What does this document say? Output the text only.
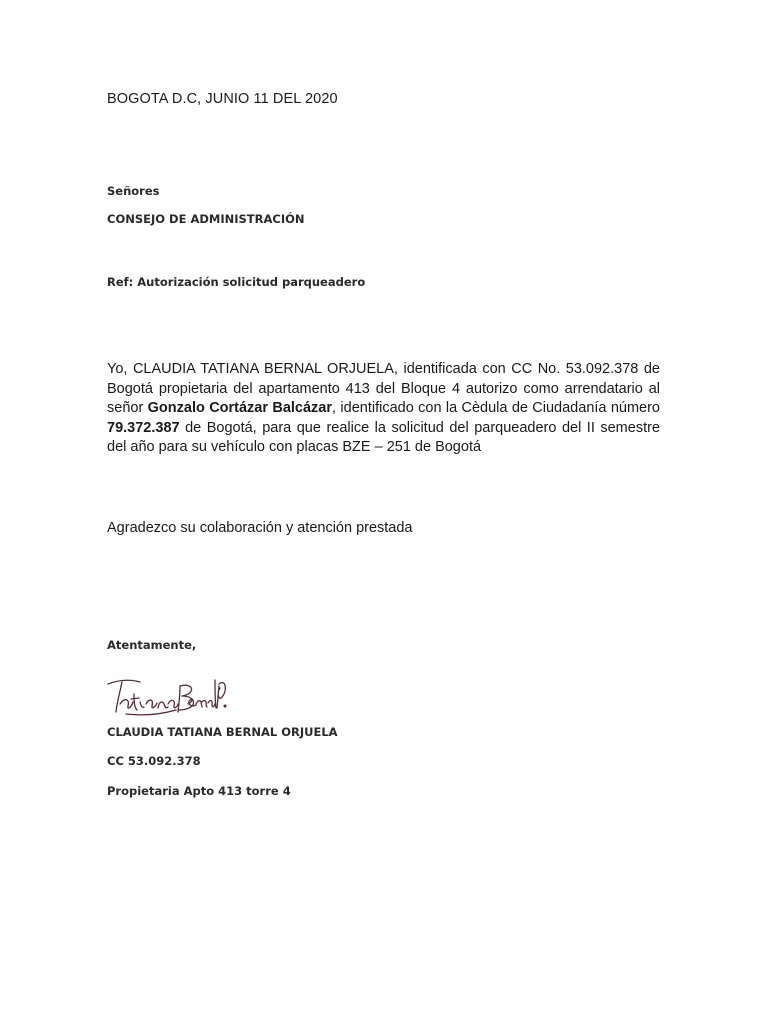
BOGOTA D.C, JUNIO 11 DEL 2020
Señores
CONSEJO DE ADMINISTRACIÓN
Ref: Autorización solicitud parqueadero
Yo, CLAUDIA TATIANA BERNAL ORJUELA, identificada con CC No. 53.092.378 de Bogotá propietaria del apartamento 413 del Bloque 4 autorizo como arrendatario al señor Gonzalo Cortázar Balcázar, identificado con la Cèdula de Ciudadanía número 79.372.387 de Bogotá, para que realice la solicitud del parqueadero del II semestre del año para su vehículo con placas BZE – 251 de Bogotá
Agradezco su colaboración y atención prestada
Atentamente,
CLAUDIA TATIANA BERNAL ORJUELA
CC 53.092.378
Propietaria Apto 413 torre 4
